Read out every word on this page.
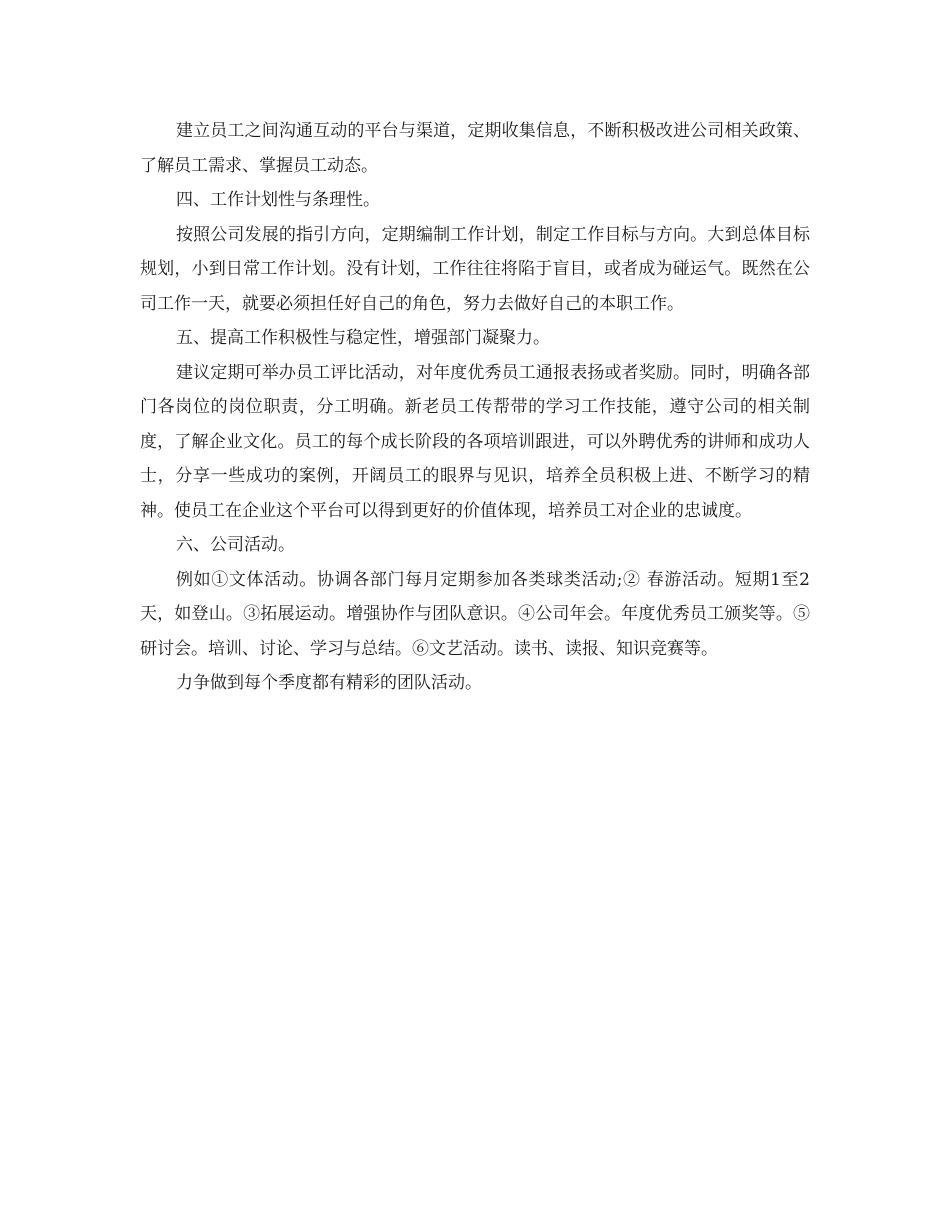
建立员工之间沟通互动的平台与渠道，定期收集信息，不断积极改进公司相关政策、了解员工需求、掌握员工动态。

四、工作计划性与条理性。

按照公司发展的指引方向，定期编制工作计划，制定工作目标与方向。大到总体目标 规划，小到日常工作计划。没有计划，工作往往将陷于盲目，或者成为碰运气。既然在公司工作一天，就要必须担任好自己的角色，努力去做好自己的本职工作。

五、提高工作积极性与稳定性，增强部门凝聚力。

建议定期可举办员工评比活动，对年度优秀员工通报表扬或者奖励。同时，明确各部门各岗位的岗位职责，分工明确。新老员工传帮带的学习工作技能，遵守公司的相关制度，了解企业文化。员工的每个成长阶段的各项培训跟进，可以外聘优秀的讲师和成功人士，分享一些成功的案例，开阔员工的眼界与见识，培养全员积极上进、不断学习的精神。使员工在企业这个平台可以得到更好的价值体现，培养员工对企业的忠诚度。

六、公司活动。

例如①文体活动。协调各部门每月定期参加各类球类活动;② 春游活动。短期1至2天，如登山。③拓展运动。增强协作与团队意识。④公司年会。年度优秀员工颁奖等。⑤研讨会。培训、讨论、学习与总结。⑥文艺活动。读书、读报、知识竞赛等。

力争做到每个季度都有精彩的团队活动。
